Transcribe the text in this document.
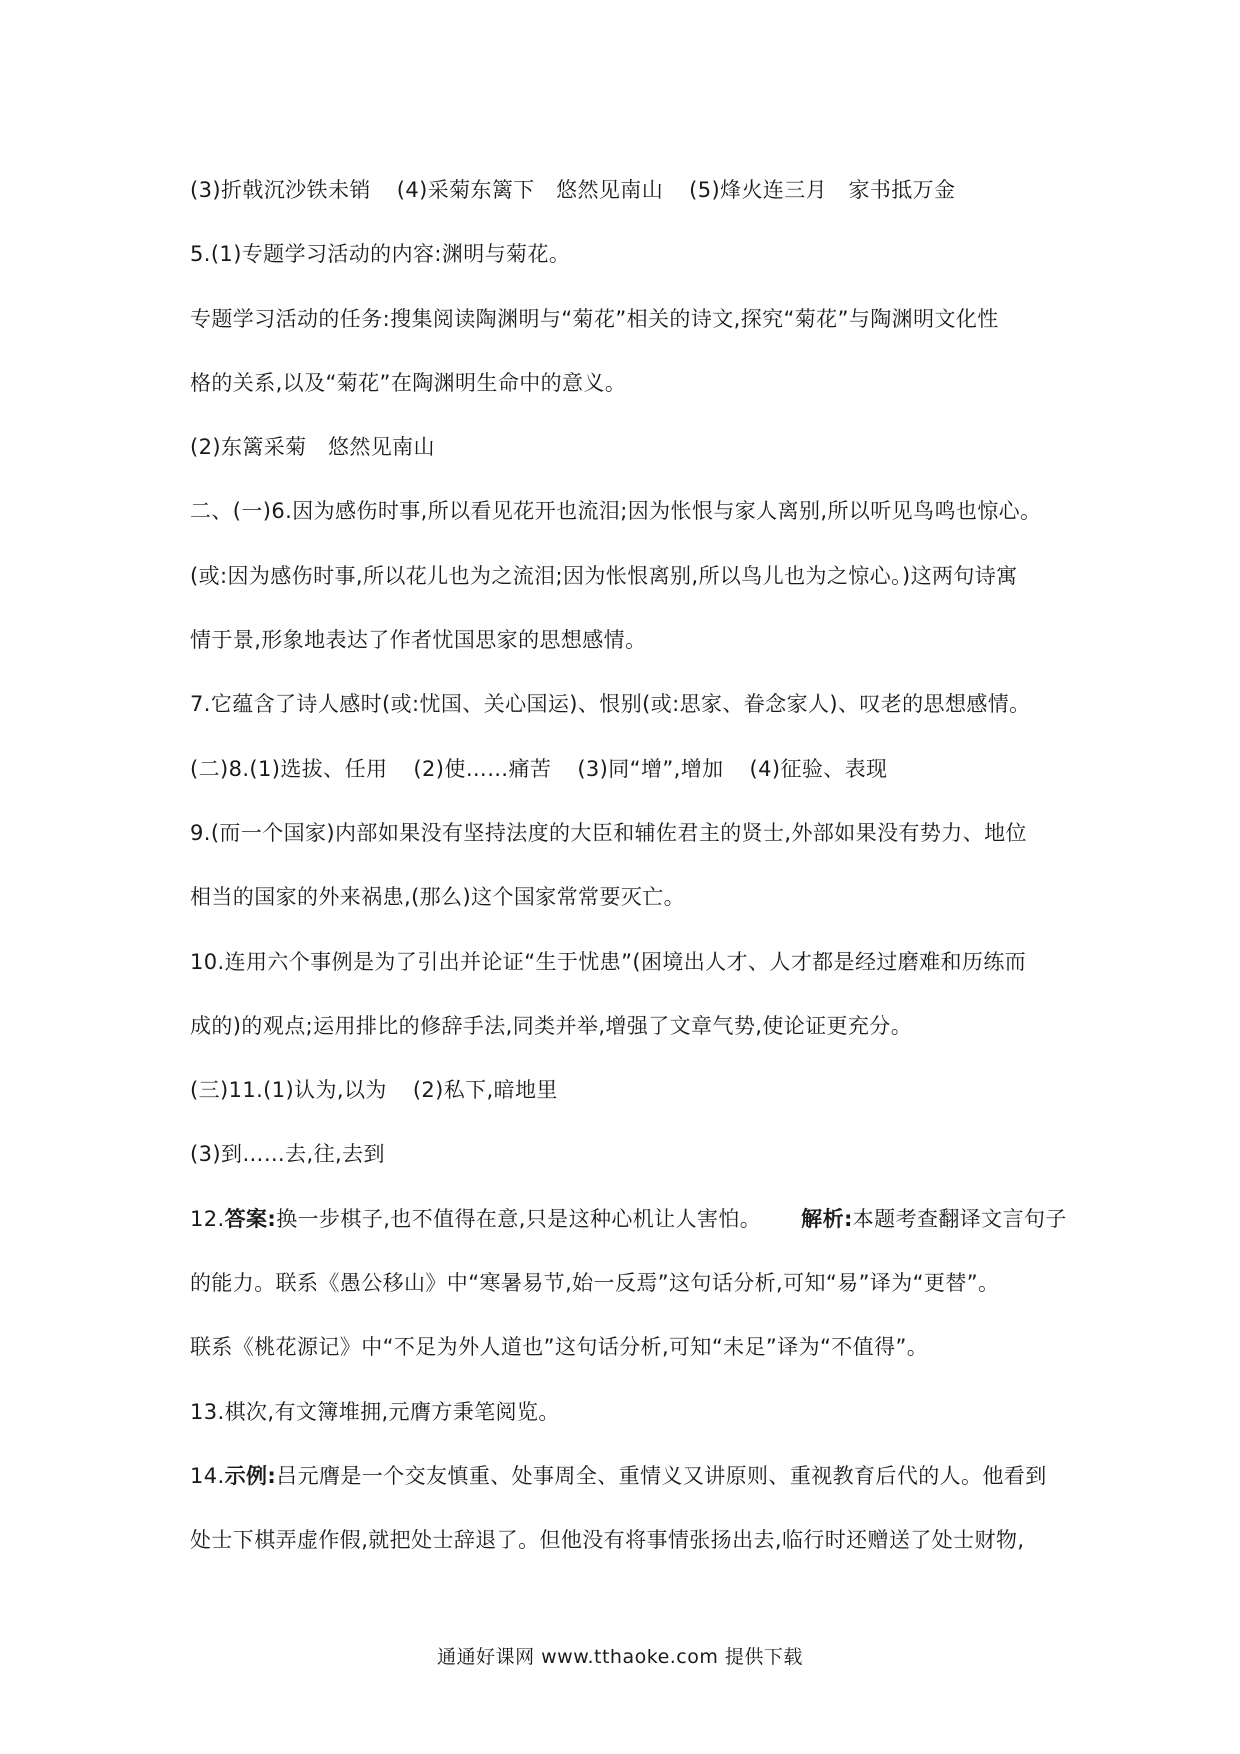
(3)折戟沉沙铁未销 (4)采菊东篱下　悠然见南山 (5)烽火连三月　家书抵万金
5.(1)专题学习活动的内容:渊明与菊花。
专题学习活动的任务:搜集阅读陶渊明与“菊花”相关的诗文,探究“菊花”与陶渊明文化性
格的关系,以及“菊花”在陶渊明生命中的意义。
(2)东篱采菊　悠然见南山
二、(一)6.因为感伤时事,所以看见花开也流泪;因为怅恨与家人离别,所以听见鸟鸣也惊心。
(或:因为感伤时事,所以花儿也为之流泪;因为怅恨离别,所以鸟儿也为之惊心。)这两句诗寓
情于景,形象地表达了作者忧国思家的思想感情。
7.它蕴含了诗人感时(或:忧国、关心国运)、恨别(或:思家、眷念家人)、叹老的思想感情。
(二)8.(1)选拔、任用 (2)使……痛苦 (3)同“增”,增加 (4)征验、表现
9.(而一个国家)内部如果没有坚持法度的大臣和辅佐君主的贤士,外部如果没有势力、地位
相当的国家的外来祸患,(那么)这个国家常常要灭亡。
10.连用六个事例是为了引出并论证“生于忧患”(困境出人才、人才都是经过磨难和历练而
成的)的观点;运用排比的修辞手法,同类并举,增强了文章气势,使论证更充分。
(三)11.(1)认为,以为 (2)私下,暗地里
(3)到……去,往,去到
12.答案:换一步棋子,也不值得在意,只是这种心机让人害怕。 解析:本题考查翻译文言句子
的能力。联系《愚公移山》中“寒暑易节,始一反焉”这句话分析,可知“易”译为“更替”。
联系《桃花源记》中“不足为外人道也”这句话分析,可知“未足”译为“不值得”。
13.棋次,有文簿堆拥,元膺方秉笔阅览。
14.示例:吕元膺是一个交友慎重、处事周全、重情义又讲原则、重视教育后代的人。他看到
处士下棋弄虚作假,就把处士辞退了。但他没有将事情张扬出去,临行时还赠送了处士财物,
通通好课网 www.tthaoke.com 提供下载
